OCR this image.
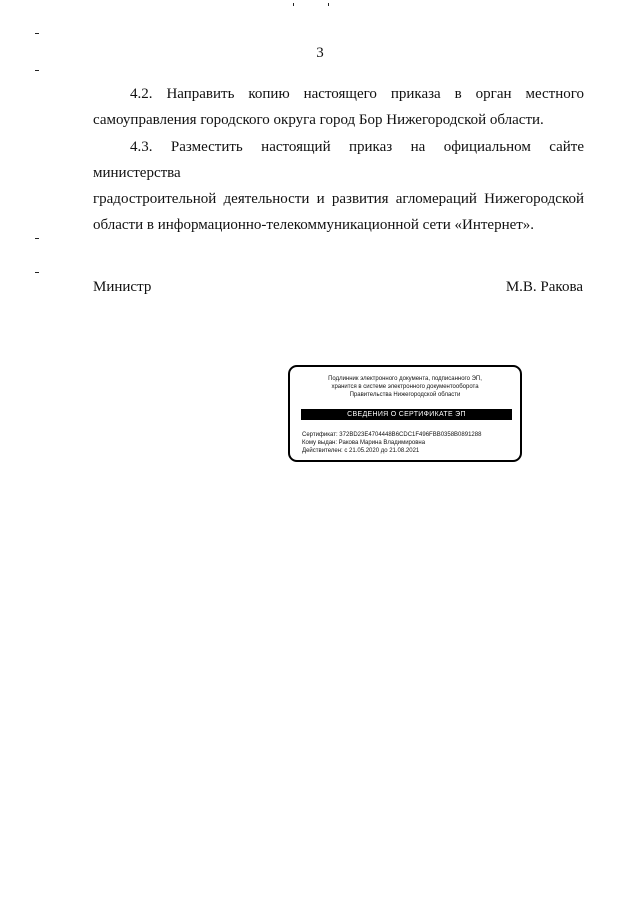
3
4.2. Направить копию настоящего приказа в орган местного
самоуправления городского округа город Бор Нижегородской области.
4.3. Разместить настоящий приказ на официальном сайте министерства
градостроительной деятельности и развития агломераций Нижегородской области в информационно-телекоммуникационной сети «Интернет».
Министр	М.В. Ракова
Подлинник электронного документа, подписанного ЭП,
хранится в системе электронного документооборота
Правительства Нижегородской области
СВЕДЕНИЯ О СЕРТИФИКАТЕ ЭП
Сертификат: 372BD23E4704448B6CDC1F496FBB0358B0891288
Кому выдан: Ракова Марина Владимировна
Действителен: с 21.05.2020 до 21.08.2021
